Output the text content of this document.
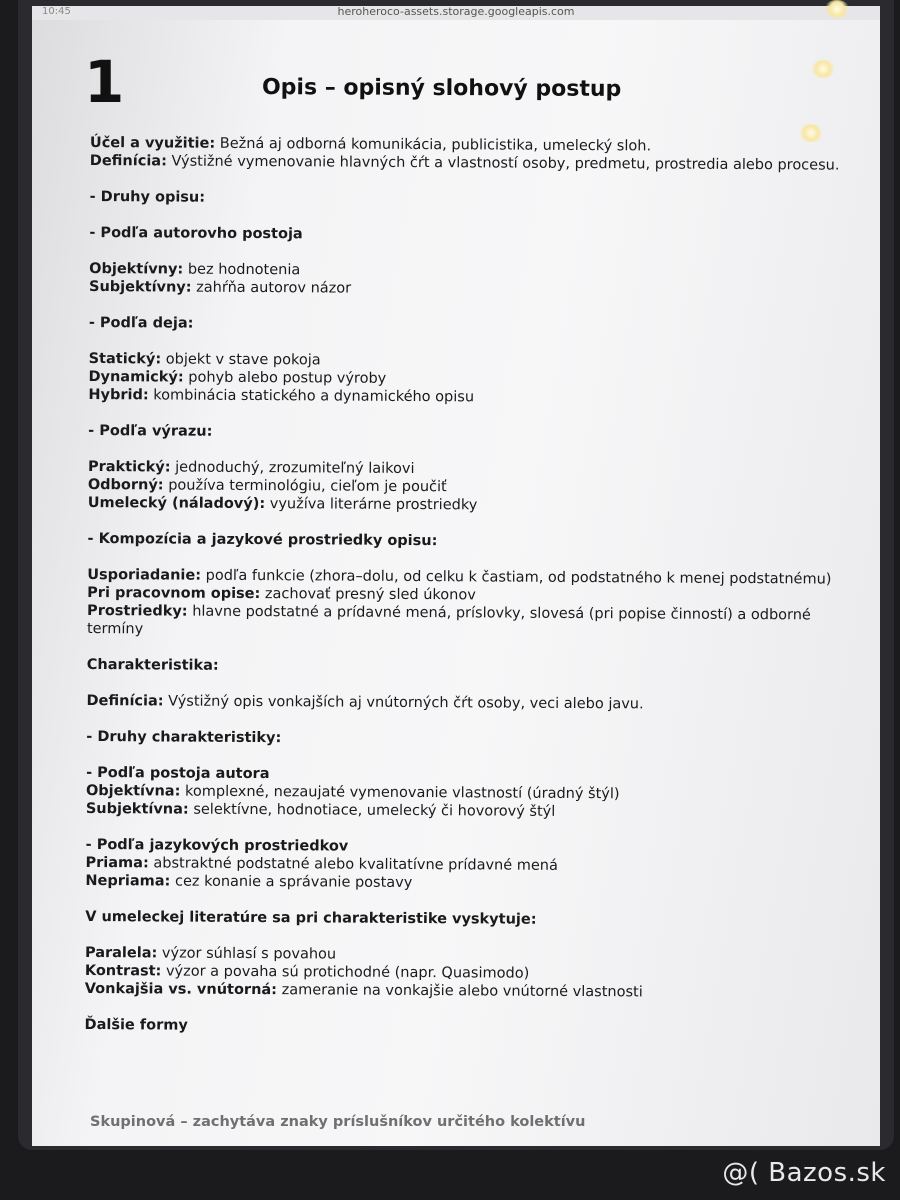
10:45	heroheroco-assets.storage.googleapis.com
1	Opis – opisný slohový postup

Účel a využitie: Bežná aj odborná komunikácia, publicistika, umelecký sloh.

Definícia: Výstižné vymenovanie hlavných čŕt a vlastností osoby, predmetu, prostredia alebo procesu.

- Druhy opisu:

- Podľa autorovho postoja

Objektívny: bez hodnotenia

Subjektívny: zahŕňa autorov názor

- Podľa deja:

Statický: objekt v stave pokoja

Dynamický: pohyb alebo postup výroby

Hybrid: kombinácia statického a dynamického opisu

- Podľa výrazu:

Praktický: jednoduchý, zrozumiteľný laikovi

Odborný: používa terminológiu, cieľom je poučiť

Umelecký (náladový): využíva literárne prostriedky

- Kompozícia a jazykové prostriedky opisu:

Usporiadanie: podľa funkcie (zhora–dolu, od celku k častiam, od podstatného k menej podstatnému)

Pri pracovnom opise: zachovať presný sled úkonov

Prostriedky: hlavne podstatné a prídavné mená, príslovky, slovesá (pri popise činností) a odborné termíny

Charakteristika:

Definícia: Výstižný opis vonkajších aj vnútorných čŕt osoby, veci alebo javu.

- Druhy charakteristiky:

- Podľa postoja autora

Objektívna: komplexné, nezaujaté vymenovanie vlastností (úradný štýl)

Subjektívna: selektívne, hodnotiace, umelecký či hovorový štýl

- Podľa jazykových prostriedkov

Priama: abstraktné podstatné alebo kvalitatívne prídavné mená

Nepriama: cez konanie a správanie postavy

V umeleckej literatúre sa pri charakteristike vyskytuje:

Paralela: výzor súhlasí s povahou

Kontrast: výzor a povaha sú protichodné (napr. Quasimodo)

Vonkajšia vs. vnútorná: zameranie na vonkajšie alebo vnútorné vlastnosti

Ďalšie formy

Skupinová – zachytáva znaky príslušníkov určitého kolektívu
@( Bazos.sk
